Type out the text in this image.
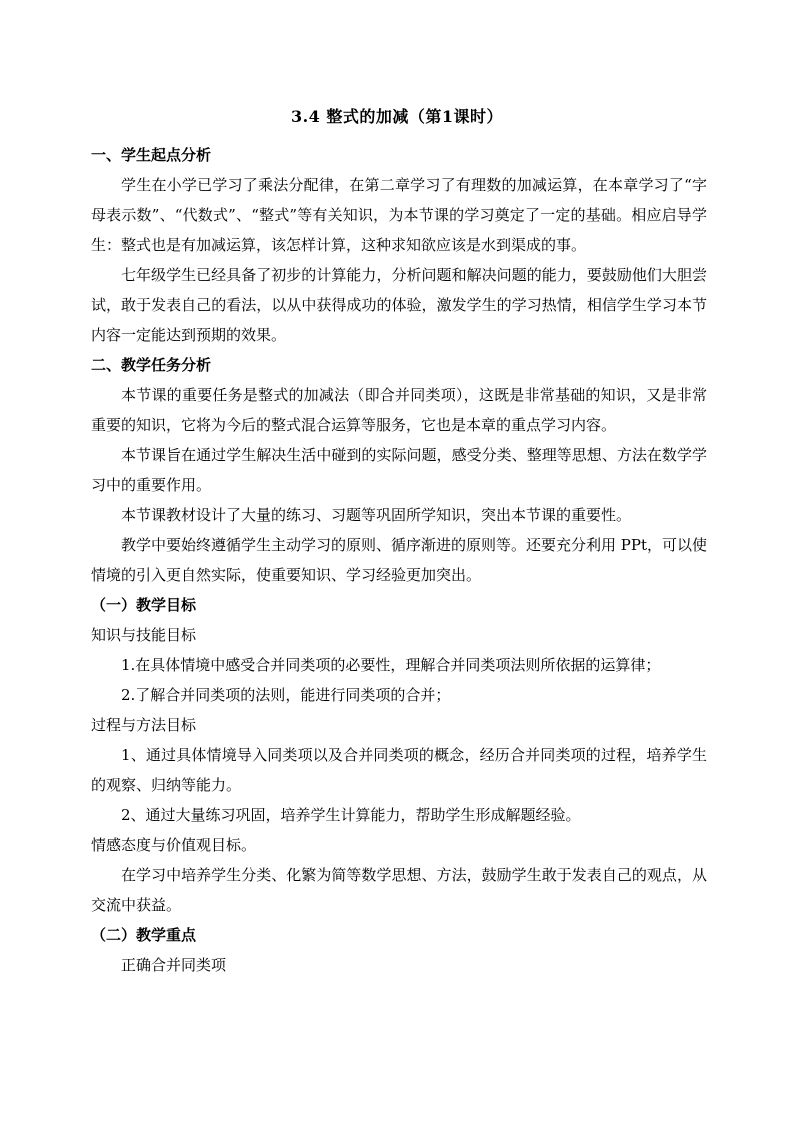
3.4 整式的加减（第1课时）

一、学生起点分析

学生在小学已学习了乘法分配律，在第二章学习了有理数的加减运算，在本章学习了“字母表示数”、“代数式”、“整式”等有关知识，为本节课的学习奠定了一定的基础。相应启导学生：整式也是有加减运算，该怎样计算，这种求知欲应该是水到渠成的事。

七年级学生已经具备了初步的计算能力，分析问题和解决问题的能力，要鼓励他们大胆尝试，敢于发表自己的看法，以从中获得成功的体验，激发学生的学习热情，相信学生学习本节内容一定能达到预期的效果。

二、教学任务分析

本节课的重要任务是整式的加减法（即合并同类项），这既是非常基础的知识，又是非常重要的知识，它将为今后的整式混合运算等服务，它也是本章的重点学习内容。

本节课旨在通过学生解决生活中碰到的实际问题，感受分类、整理等思想、方法在数学学习中的重要作用。

本节课教材设计了大量的练习、习题等巩固所学知识，突出本节课的重要性。

教学中要始终遵循学生主动学习的原则、循序渐进的原则等。还要充分利用 PPt，可以使情境的引入更自然实际，使重要知识、学习经验更加突出。

（一）教学目标

知识与技能目标

1.在具体情境中感受合并同类项的必要性，理解合并同类项法则所依据的运算律；

2.了解合并同类项的法则，能进行同类项的合并；

过程与方法目标

1、通过具体情境导入同类项以及合并同类项的概念，经历合并同类项的过程，培养学生的观察、归纳等能力。

2、通过大量练习巩固，培养学生计算能力，帮助学生形成解题经验。

情感态度与价值观目标。

在学习中培养学生分类、化繁为简等数学思想、方法，鼓励学生敢于发表自己的观点，从交流中获益。

（二）教学重点

正确合并同类项
